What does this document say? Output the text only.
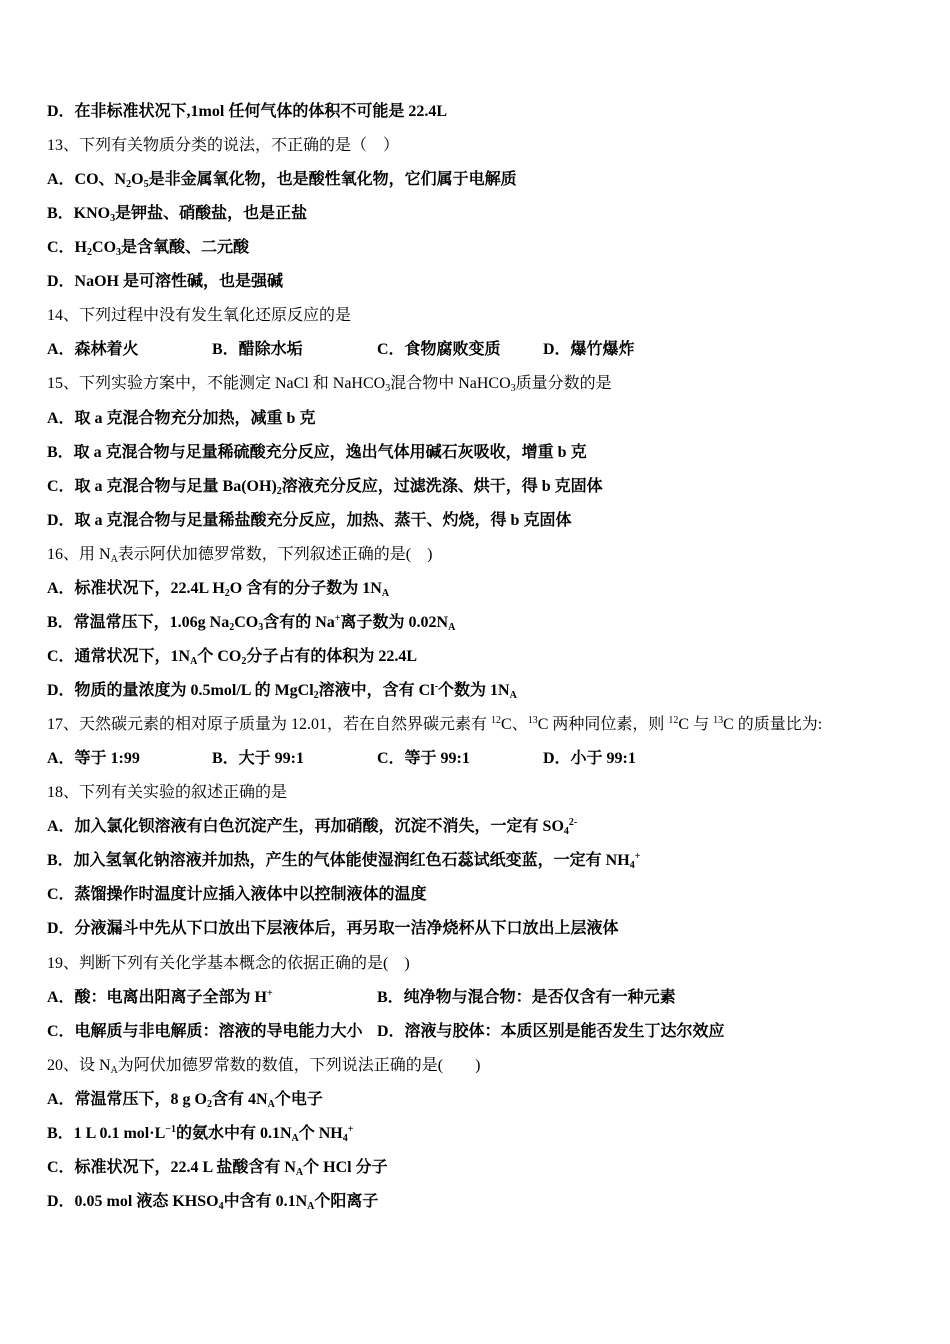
D．在非标准状况下,1mol 任何气体的体积不可能是 22.4L
13、下列有关物质分类的说法，不正确的是（　）
A．CO、$N_2O_5$是非金属氧化物，也是酸性氧化物，它们属于电解质
B．$KNO_3$是钾盐、硝酸盐，也是正盐
C．$H_2CO_3$是含氧酸、二元酸
D．NaOH 是可溶性碱，也是强碱
14、下列过程中没有发生氧化还原反应的是
A．森林着火	B．醋除水垢	C．食物腐败变质	D．爆竹爆炸
15、下列实验方案中，不能测定 NaCl 和 NaHCO$_3$混合物中 NaHCO$_3$质量分数的是
A．取 a 克混合物充分加热，减重 b 克
B．取 a 克混合物与足量稀硫酸充分反应，逸出气体用碱石灰吸收，增重 b 克
C．取 a 克混合物与足量 $Ba(OH)_2$溶液充分反应，过滤洗涤、烘干，得 b 克固体
D．取 a 克混合物与足量稀盐酸充分反应，加热、蒸干、灼烧，得 b 克固体
16、用 $N_A$表示阿伏加德罗常数，下列叙述正确的是(　)
A．标准状况下，22.4L $H_2O$ 含有的分子数为 $1N_A$
B．常温常压下，1.06g $Na_2CO_3$含有的 Na+离子数为 $0.02N_A$
C．通常状况下，$1N_A$个 $CO_2$分子占有的体积为 22.4L
D．物质的量浓度为 0.5mol/L 的 MgCl$_2$溶液中，含有 Cl-个数为 $1N_A$
17、天然碳元素的相对原子质量为 12.01，若在自然界碳元素有 $^{12}$C、$^{13}$C 两种同位素，则 $^{12}$C 与 $^{13}$C 的质量比为:
A．等于 1:99	B．大于 99:1	C．等于 99:1	D．小于 99:1
18、下列有关实验的叙述正确的是
A．加入氯化钡溶液有白色沉淀产生，再加硝酸，沉淀不消失，一定有 $SO_4^{2-}$
B．加入氢氧化钠溶液并加热，产生的气体能使湿润红色石蕊试纸变蓝，一定有 $NH_4^+$
C．蒸馏操作时温度计应插入液体中以控制液体的温度
D．分液漏斗中先从下口放出下层液体后，再另取一洁净烧杯从下口放出上层液体
19、判断下列有关化学基本概念的依据正确的是(　)
A．酸：电离出阳离子全部为 H+	B．纯净物与混合物：是否仅含有一种元素
C．电解质与非电解质：溶液的导电能力大小 D．溶液与胶体：本质区别是能否发生丁达尔效应
20、设 $N_A$为阿伏加德罗常数的数值，下列说法正确的是(　　)
A．常温常压下，8 g $O_2$含有 $4N_A$个电子
B．1 L 0.1 $mol\cdot L^{-1}$的氨水中有 $0.1N_A$个 $NH_4^+$
C．标准状况下，22.4 L 盐酸含有 $N_A$个 HCl 分子
D．0.05 mol 液态 $KHSO_4$中含有 $0.1N_A$个阳离子
